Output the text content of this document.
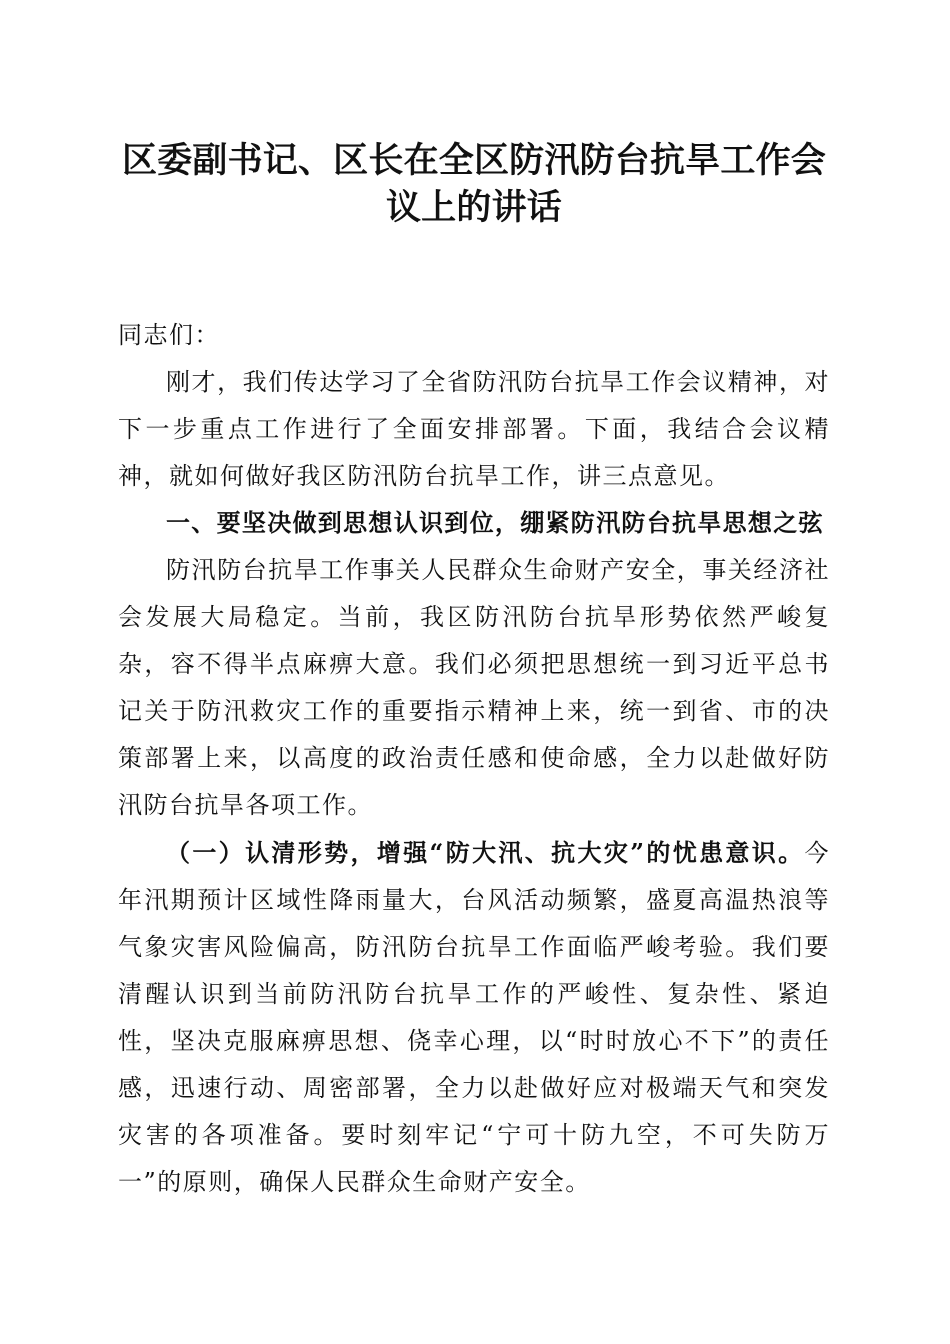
区委副书记、区长在全区防汛防台抗旱工作会
议上的讲话

同志们：

刚才，我们传达学习了全省防汛防台抗旱工作会议精神，对下一步重点工作进行了全面安排部署。下面，我结合会议精神，就如何做好我区防汛防台抗旱工作，讲三点意见。

一、要坚决做到思想认识到位，绷紧防汛防台抗旱思想之弦

防汛防台抗旱工作事关人民群众生命财产安全，事关经济社会发展大局稳定。当前，我区防汛防台抗旱形势依然严峻复杂，容不得半点麻痹大意。我们必须把思想统一到习近平总书记关于防汛救灾工作的重要指示精神上来，统一到省、市的决策部署上来，以高度的政治责任感和使命感，全力以赴做好防汛防台抗旱各项工作。

（一）认清形势，增强“防大汛、抗大灾”的忧患意识。今年汛期预计区域性降雨量大，台风活动频繁，盛夏高温热浪等气象灾害风险偏高，防汛防台抗旱工作面临严峻考验。我们要清醒认识到当前防汛防台抗旱工作的严峻性、复杂性、紧迫性，坚决克服麻痹思想、侥幸心理，以“时时放心不下”的责任感，迅速行动、周密部署，全力以赴做好应对极端天气和突发灾害的各项准备。要时刻牢记“宁可十防九空，不可失防万一”的原则，确保人民群众生命财产安全。
